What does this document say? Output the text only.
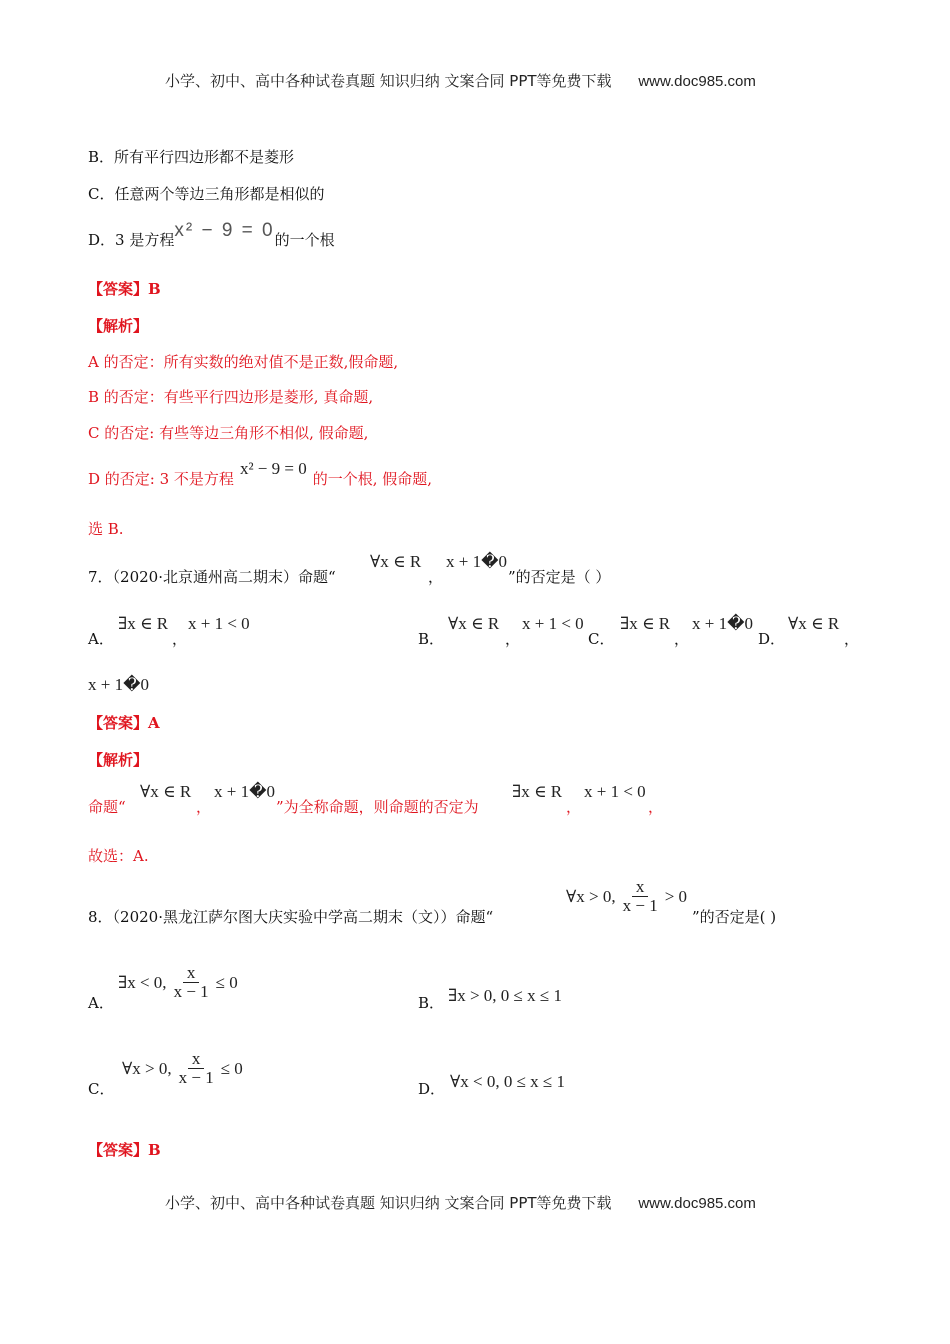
小学、初中、高中各种试卷真题 知识归纳 文案合同 PPT等免费下载 www.doc985.com
B．所有平行四边形都不是菱形
C．任意两个等边三角形都是相似的
D．3 是方程x² − 9 = 0的一个根
【答案】B
【解析】
A 的否定：所有实数的绝对值不是正数,假命题,
B 的否定：有些平行四边形是菱形, 真命题,
C 的否定: 有些等边三角形不相似, 假命题,
D 的否定: 3 不是方程x² − 9 = 0的一个根, 假命题,
选 B.
7．（2020·北京通州高二期末）命题“
∀x ∈ R
，
x + 1�0
”的否定是（ ）
A．
∃x ∈ R
，
x + 1 < 0
B．
∀x ∈ R
，
x + 1 < 0
C．
∃x ∈ R
，
x + 1�0
D．
∀x ∈ R
，
x + 1�0
【答案】A
【解析】
命题“
∀x ∈ R
，
x + 1�0
”为全称命题，则命题的否定为
∃x ∈ R
，
x + 1 < 0
，
故选：A.
8．（2020·黑龙江萨尔图大庆实验中学高二期末（文））命题“
∀x > 0, $\frac{x}{x - 1} > 0$
”的否定是( )
A．
∃x < 0, $\frac{x}{x - 1} \le 0$
B． ∃x > 0, 0 ≤ x ≤ 1
C．
∀x > 0, $\frac{x}{x - 1} \le 0$
D． ∀x < 0, 0 ≤ x ≤ 1
【答案】B
小学、初中、高中各种试卷真题 知识归纳 文案合同 PPT等免费下载 www.doc985.com
